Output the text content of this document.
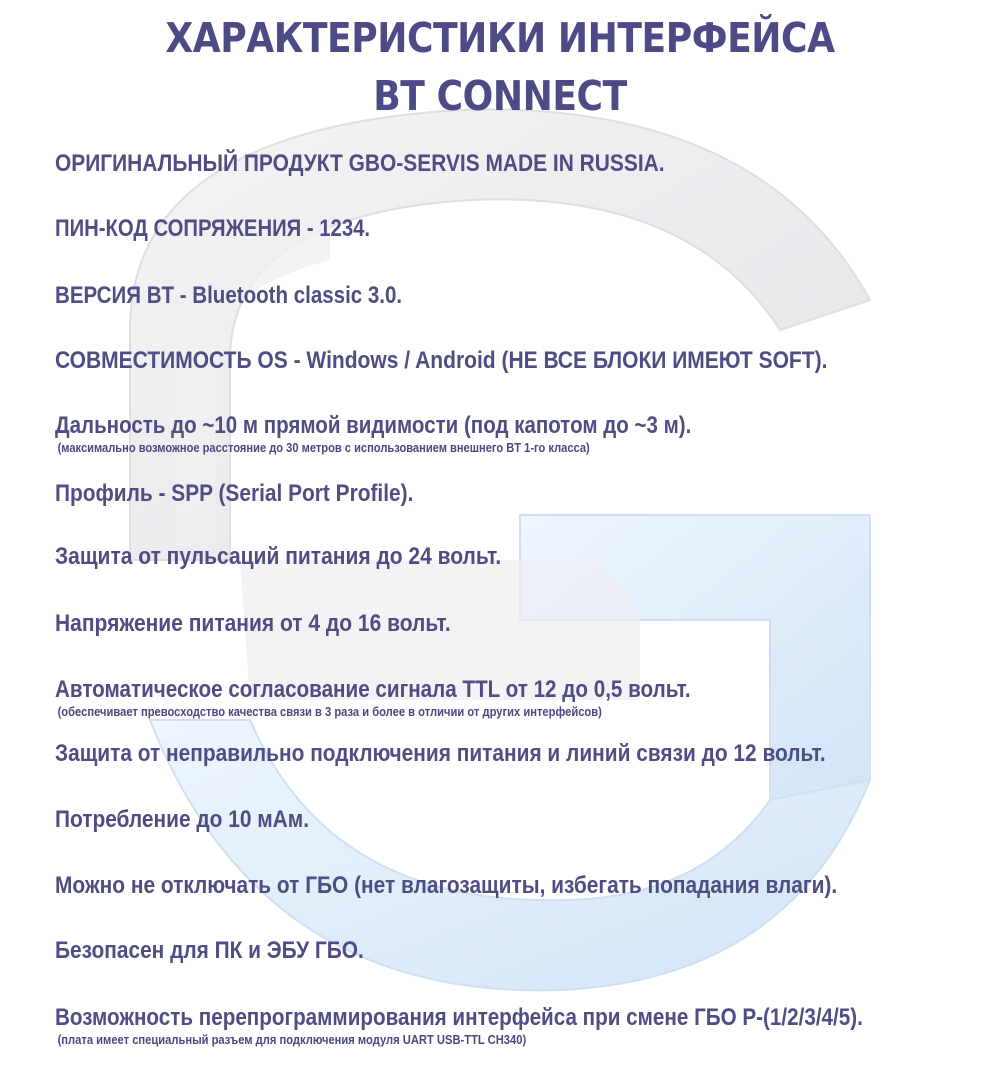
ХАРАКТЕРИСТИКИ ИНТЕРФЕЙСА
BT CONNECT
ОРИГИНАЛЬНЫЙ ПРОДУКТ GBO-SERVIS MADE IN RUSSIA.
ПИН-КОД СОПРЯЖЕНИЯ - 1234.
ВЕРСИЯ BT - Bluetooth classic 3.0.
СОВМЕСТИМОСТЬ OS - Windows / Android (НЕ ВСЕ БЛОКИ ИМЕЮТ SOFT).
Дальность до ~10 м прямой видимости (под капотом до ~3 м).
(максимально возможное расстояние до 30 метров с использованием внешнего BT 1-го класса)
Профиль - SPP (Serial Port Profile).
Защита от пульсаций питания до 24 вольт.
Напряжение питания от 4 до 16 вольт.
Автоматическое согласование сигнала TTL от 12 до 0,5 вольт.
(обеспечивает превосходство качества связи в 3 раза и более в отличии от других интерфейсов)
Защита от неправильно подключения питания и линий связи до 12 вольт.
Потребление до 10 мАм.
Можно не отключать от ГБО (нет влагозащиты, избегать попадания влаги).
Безопасен для ПК и ЭБУ ГБО.
Возможность перепрограммирования интерфейса при смене ГБО Р-(1/2/3/4/5).
(плата имеет специальный разъем для подключения модуля UART USB-TTL CH340)
